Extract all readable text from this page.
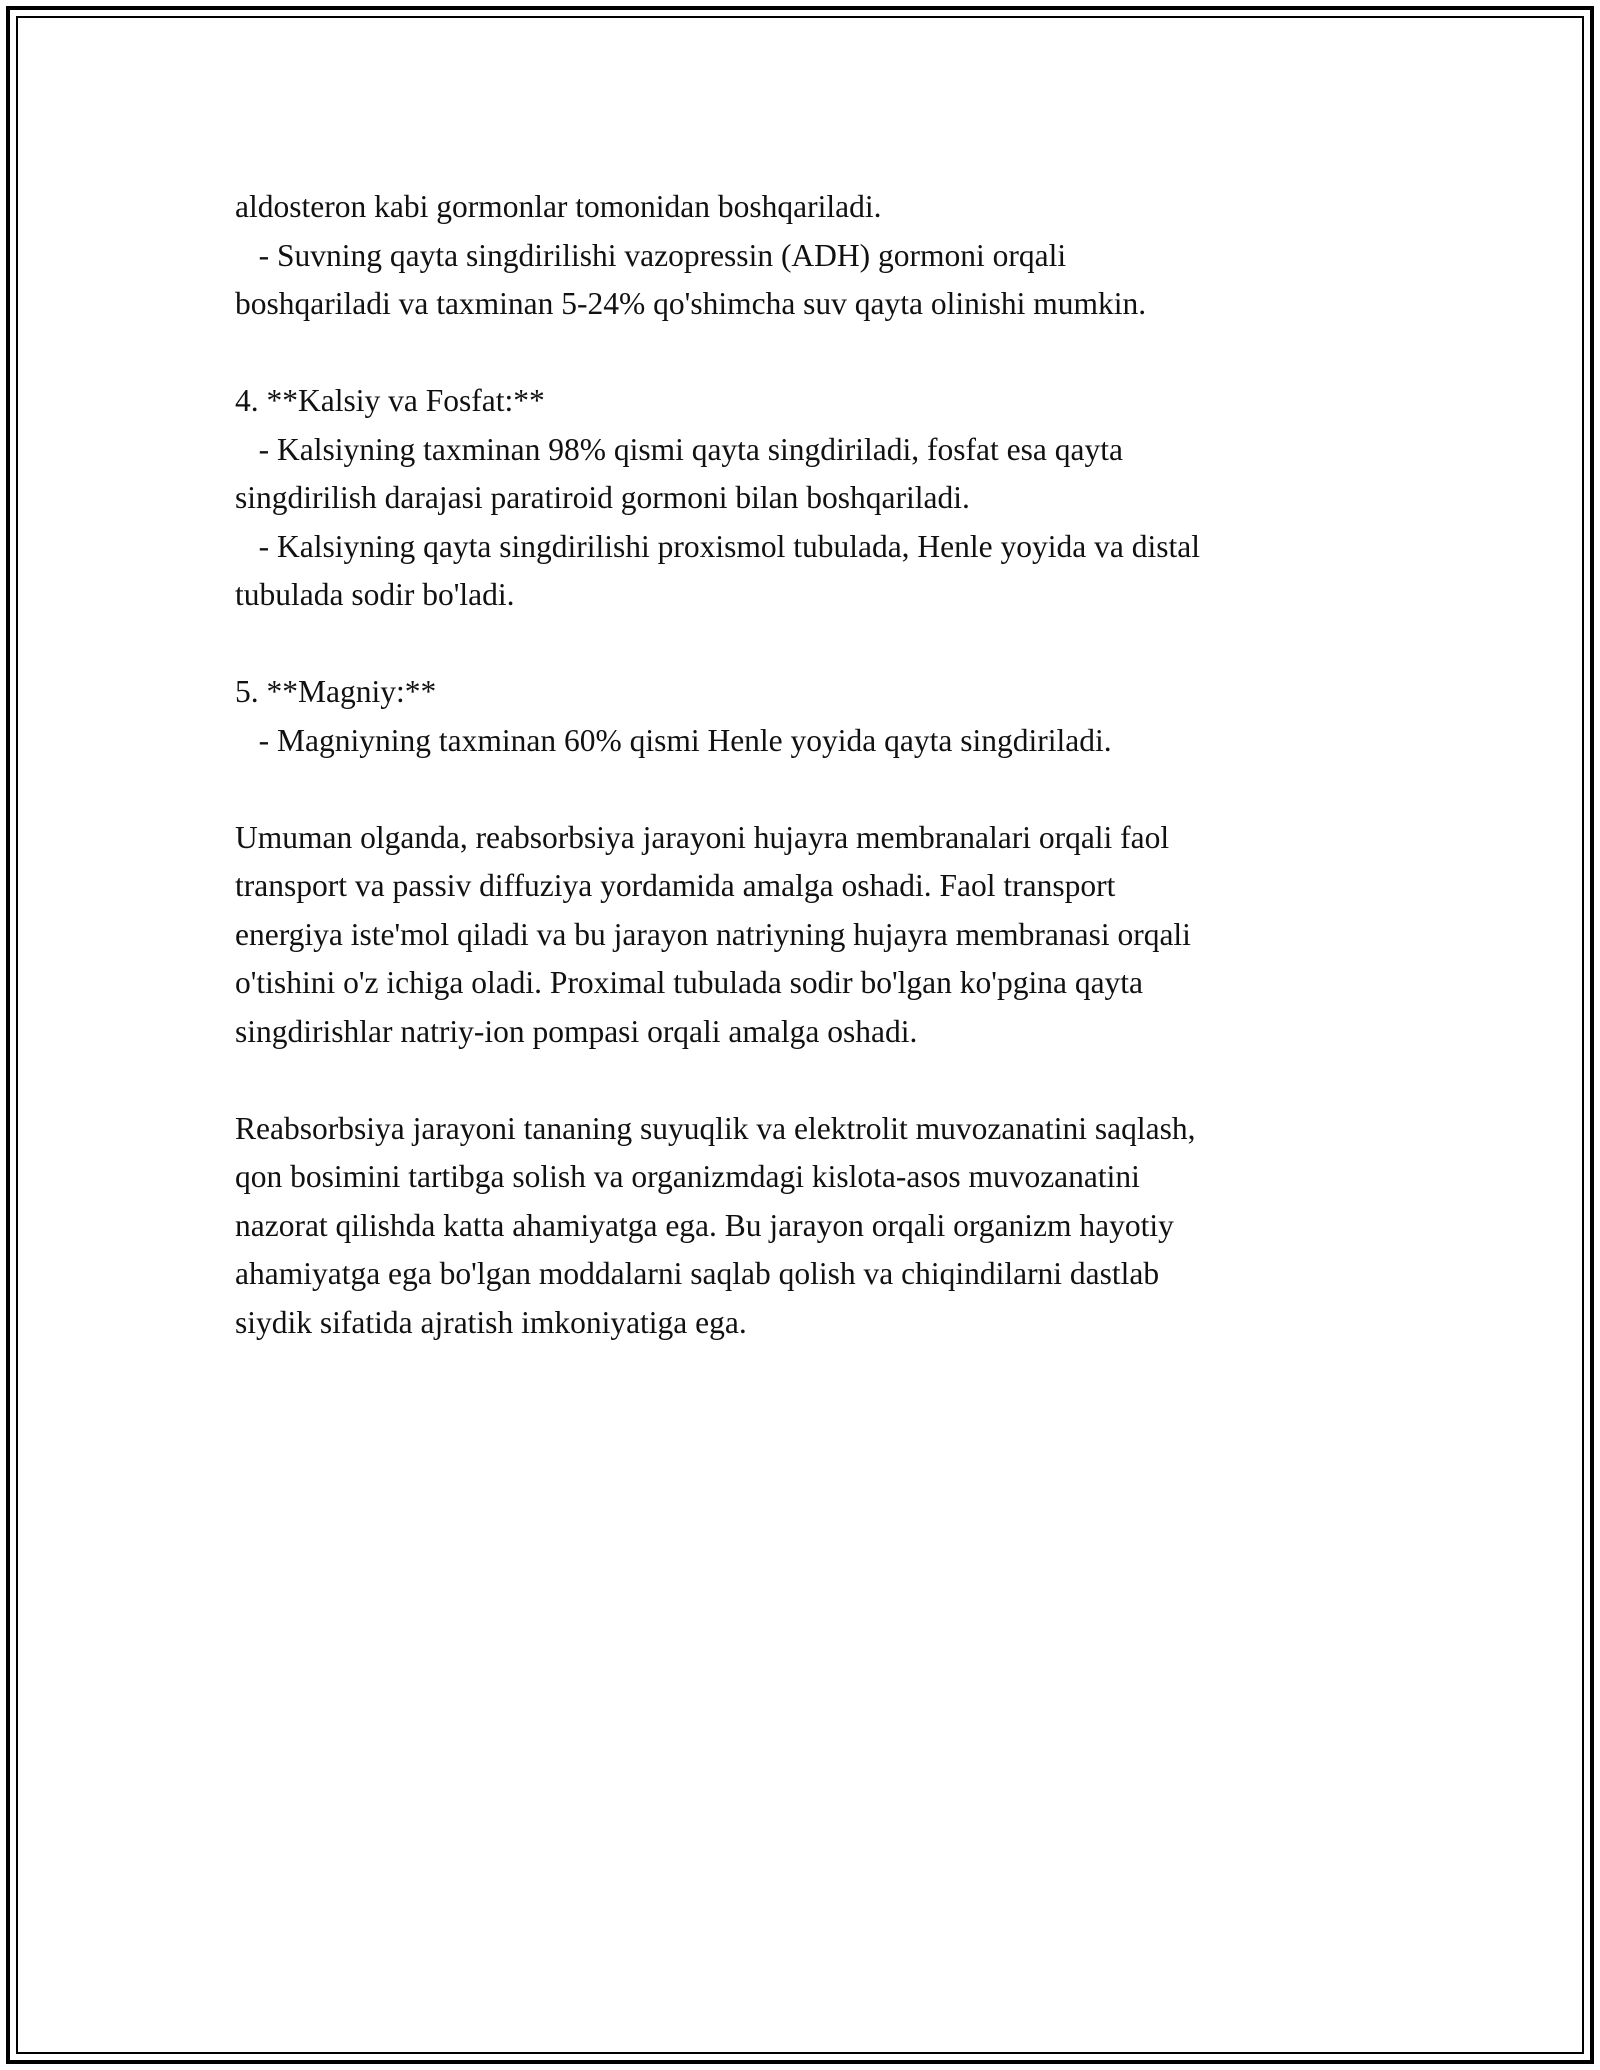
aldosteron kabi gormonlar tomonidan boshqariladi.
- Suvning qayta singdirilishi vazopressin (ADH) gormoni orqali
boshqariladi va taxminan 5-24% qo'shimcha suv qayta olinishi mumkin.
4. **Kalsiy va Fosfat:**
- Kalsiyning taxminan 98% qismi qayta singdiriladi, fosfat esa qayta
singdirilish darajasi paratiroid gormoni bilan boshqariladi.
- Kalsiyning qayta singdirilishi proxismol tubulada, Henle yoyida va distal
tubulada sodir bo'ladi.
5. **Magniy:**
- Magniyning taxminan 60% qismi Henle yoyida qayta singdiriladi.
Umuman olganda, reabsorbsiya jarayoni hujayra membranalari orqali faol
transport va passiv diffuziya yordamida amalga oshadi. Faol transport
energiya iste'mol qiladi va bu jarayon natriyning hujayra membranasi orqali
o'tishini o'z ichiga oladi. Proximal tubulada sodir bo'lgan ko'pgina qayta
singdirishlar natriy-ion pompasi orqali amalga oshadi.
Reabsorbsiya jarayoni tananing suyuqlik va elektrolit muvozanatini saqlash,
qon bosimini tartibga solish va organizmdagi kislota-asos muvozanatini
nazorat qilishda katta ahamiyatga ega. Bu jarayon orqali organizm hayotiy
ahamiyatga ega bo'lgan moddalarni saqlab qolish va chiqindilarni dastlab
siydik sifatida ajratish imkoniyatiga ega.
